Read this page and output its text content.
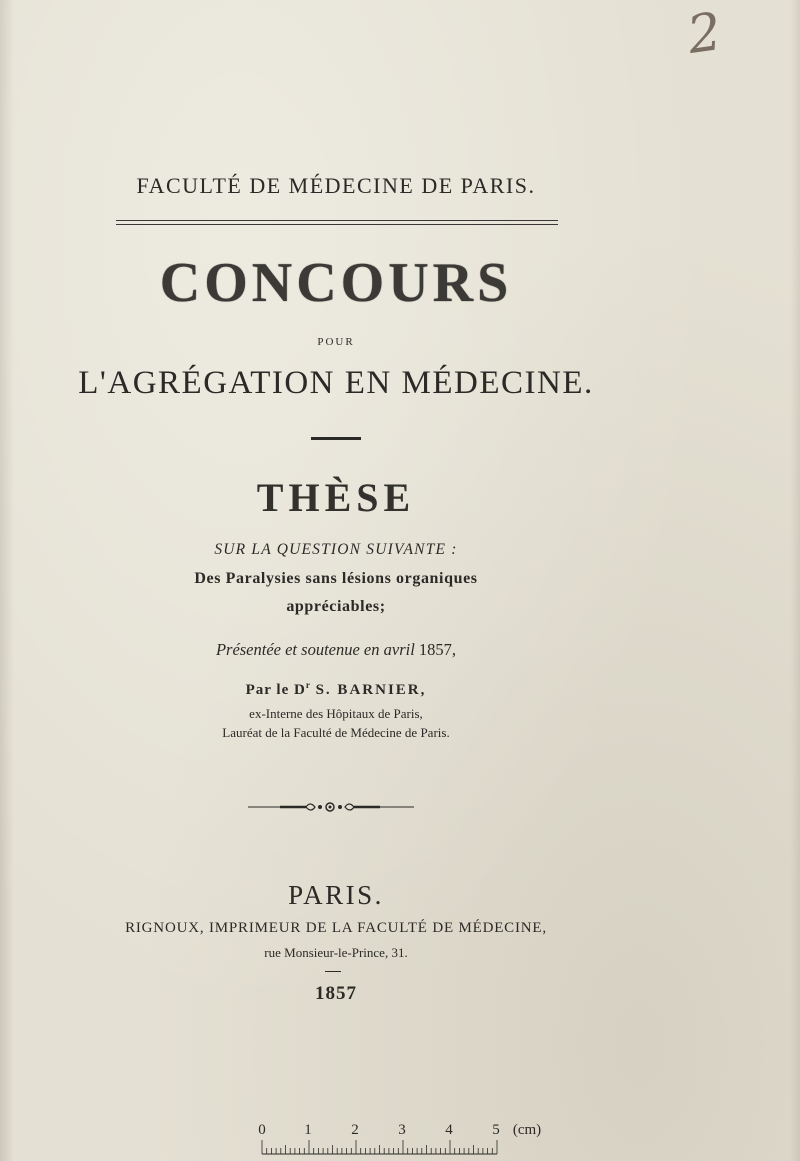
2
FACULTÉ DE MÉDECINE DE PARIS.
CONCOURS
POUR
L'AGRÉGATION EN MÉDECINE.
THÈSE
SUR LA QUESTION SUIVANTE :
Des Paralysies sans lésions organiques
appréciables;
Présentée et soutenue en avril 1857,
Par le $D^r$ S. BARNIER,
ex-Interne des Hôpitaux de Paris,
Lauréat de la Faculté de Médecine de Paris.
PARIS.
RIGNOUX, IMPRIMEUR DE LA FACULTÉ DE MÉDECINE,
rue Monsieur-le-Prince, 31.
1857
0	1	2	3	4	5 (cm)
